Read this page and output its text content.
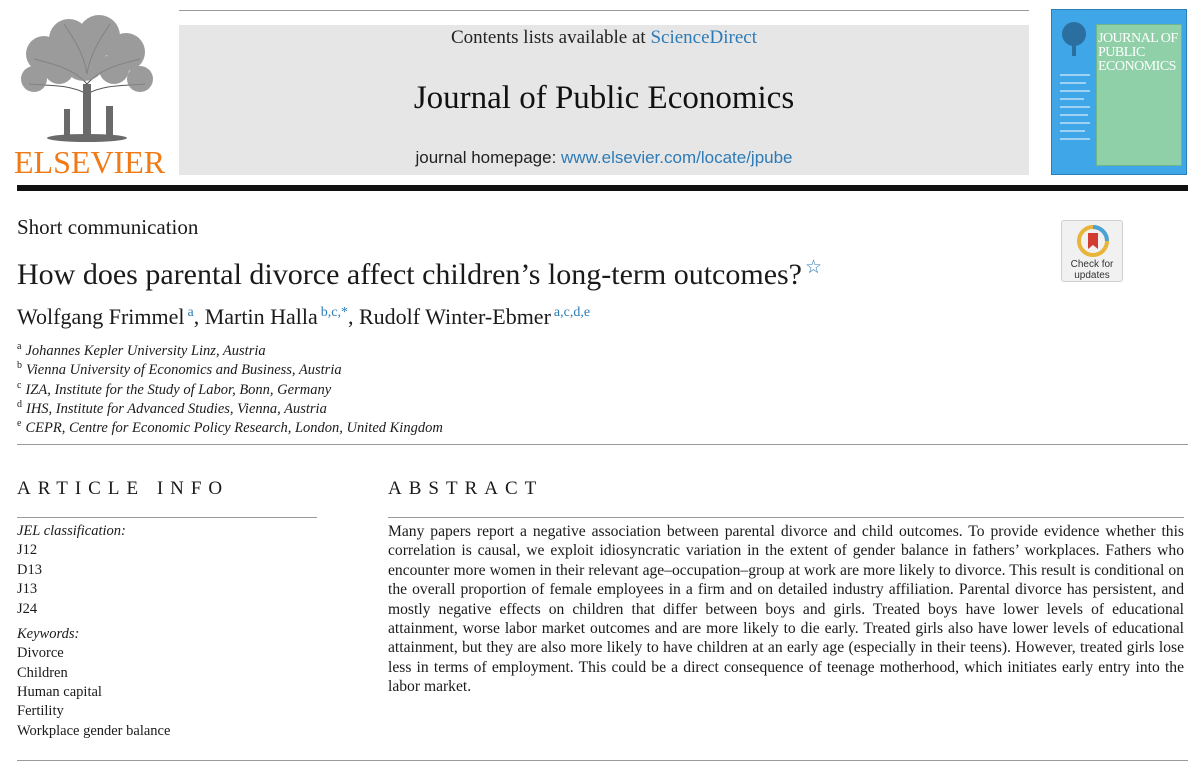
ELSEVIER
Contents lists available at ScienceDirect
Journal of Public Economics
journal homepage: www.elsevier.com/locate/jpube
JOURNAL OF PUBLIC ECONOMICS
Short communication
Check for
updates
How does parental divorce affect children’s long-term outcomes? ☆
Wolfgang Frimmel $^a$, Martin Halla $^{b,c,*}$, Rudolf Winter-Ebmer $^{a,c,d,e}$
$^a$ Johannes Kepler University Linz, Austria
$^b$ Vienna University of Economics and Business, Austria
$^c$ IZA, Institute for the Study of Labor, Bonn, Germany
$^d$ IHS, Institute for Advanced Studies, Vienna, Austria
$^e$ CEPR, Centre for Economic Policy Research, London, United Kingdom
ARTICLE INFO
JEL classification:
J12
D13
J13
J24
Keywords:
Divorce
Children
Human capital
Fertility
Workplace gender balance
ABSTRACT
Many papers report a negative association between parental divorce and child outcomes. To provide evidence whether this correlation is causal, we exploit idiosyncratic variation in the extent of gender balance in fathers’ workplaces. Fathers who encounter more women in their relevant age–occupation–group at work are more likely to divorce. This result is conditional on the overall proportion of female employees in a firm and on detailed industry affiliation. Parental divorce has persistent, and mostly negative effects on children that differ between boys and girls. Treated boys have lower levels of educational attainment, worse labor market outcomes and are more likely to die early. Treated girls also have lower levels of educational attainment, but they are also more likely to have children at an early age (especially in their teens). However, treated girls lose less in terms of employment. This could be a direct consequence of teenage motherhood, which initiates early entry into the labor market.
